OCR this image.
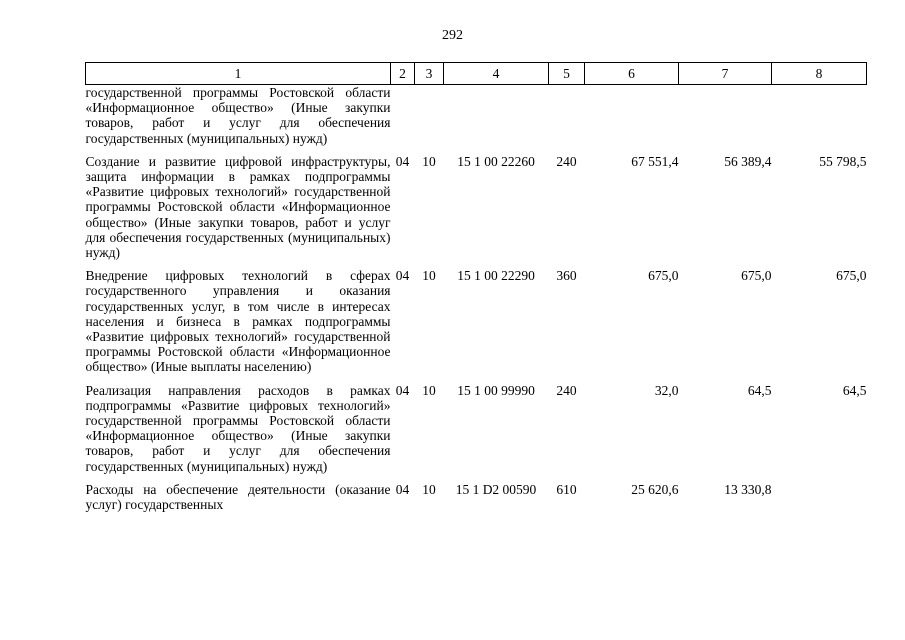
292
1	2	3	4	5	6	7	8
государственной программы Ростовской области «Информационное общество» (Иные закупки товаров, работ и услуг для обеспечения государственных (муниципальных) нужд)							
Создание и развитие цифровой инфраструктуры, защита информации в рамках подпрограммы «Развитие цифровых технологий» государственной программы Ростовской области «Информационное общество» (Иные закупки товаров, работ и услуг для обеспечения государственных (муниципальных) нужд)	04	10	15 1 00 22260	240	67 551,4	56 389,4	55 798,5
Внедрение цифровых технологий в сферах государственного управления и оказания государственных услуг, в том числе в интересах населения и бизнеса в рамках подпрограммы «Развитие цифровых технологий» государственной программы Ростовской области «Информационное общество» (Иные выплаты населению)	04	10	15 1 00 22290	360	675,0	675,0	675,0
Реализация направления расходов в рамках подпрограммы «Развитие цифровых технологий» государственной программы Ростовской области «Информационное общество» (Иные закупки товаров, работ и услуг для обеспечения государственных (муниципальных) нужд)	04	10	15 1 00 99990	240	32,0	64,5	64,5
Расходы на обеспечение деятельности (оказание услуг) государственных	04	10	15 1 D2 00590	610	25 620,6	13 330,8	
